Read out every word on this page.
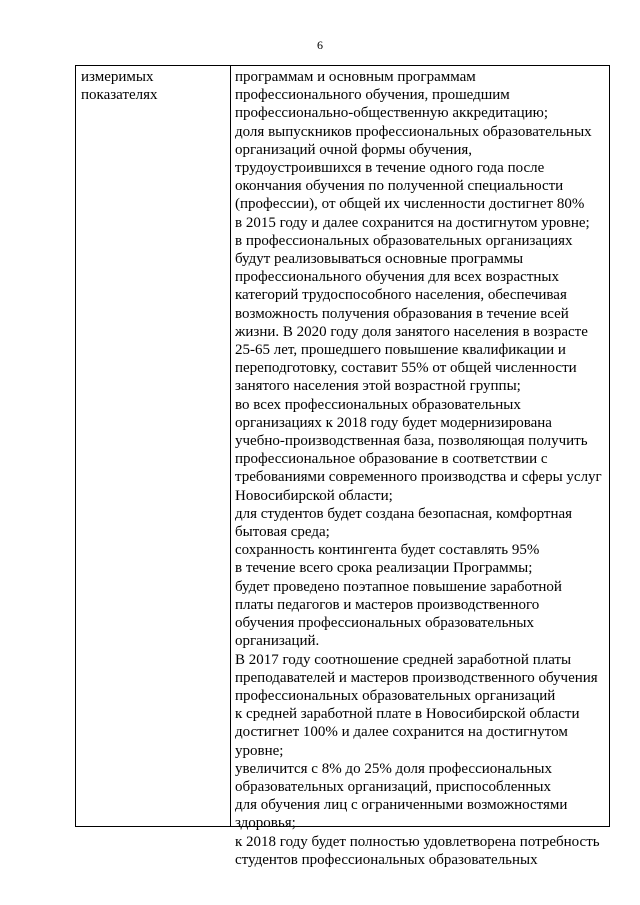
6
измеримых
показателях
программам и основным программам
профессионального обучения, прошедшим
профессионально-общественную аккредитацию;
доля выпускников профессиональных образовательных
организаций очной формы обучения,
трудоустроившихся в течение одного года после
окончания обучения по полученной специальности
(профессии), от общей их численности достигнет 80%
в 2015 году и далее сохранится на достигнутом уровне;
в профессиональных образовательных организациях
будут реализовываться основные программы
профессионального обучения для всех возрастных
категорий трудоспособного населения, обеспечивая
возможность получения образования в течение всей
жизни. В 2020 году доля занятого населения в возрасте
25-65 лет, прошедшего повышение квалификации и
переподготовку, составит 55% от общей численности
занятого населения этой возрастной группы;
во всех профессиональных образовательных
организациях к 2018 году будет модернизирована
учебно-производственная база, позволяющая получить
профессиональное образование в соответствии с
требованиями современного производства и сферы услуг
Новосибирской области;
для студентов будет создана безопасная, комфортная
бытовая среда;
сохранность контингента будет составлять 95%
в течение всего срока реализации Программы;
будет проведено поэтапное повышение заработной
платы педагогов и мастеров производственного
обучения профессиональных образовательных
организаций.
В 2017 году соотношение средней заработной платы
преподавателей и мастеров производственного обучения
профессиональных образовательных организаций
к средней заработной плате в Новосибирской области
достигнет 100% и далее сохранится на достигнутом
уровне;
увеличится с 8% до 25% доля профессиональных
образовательных организаций, приспособленных
для обучения лиц с ограниченными возможностями
здоровья;
к 2018 году будет полностью удовлетворена потребность
студентов профессиональных образовательных
